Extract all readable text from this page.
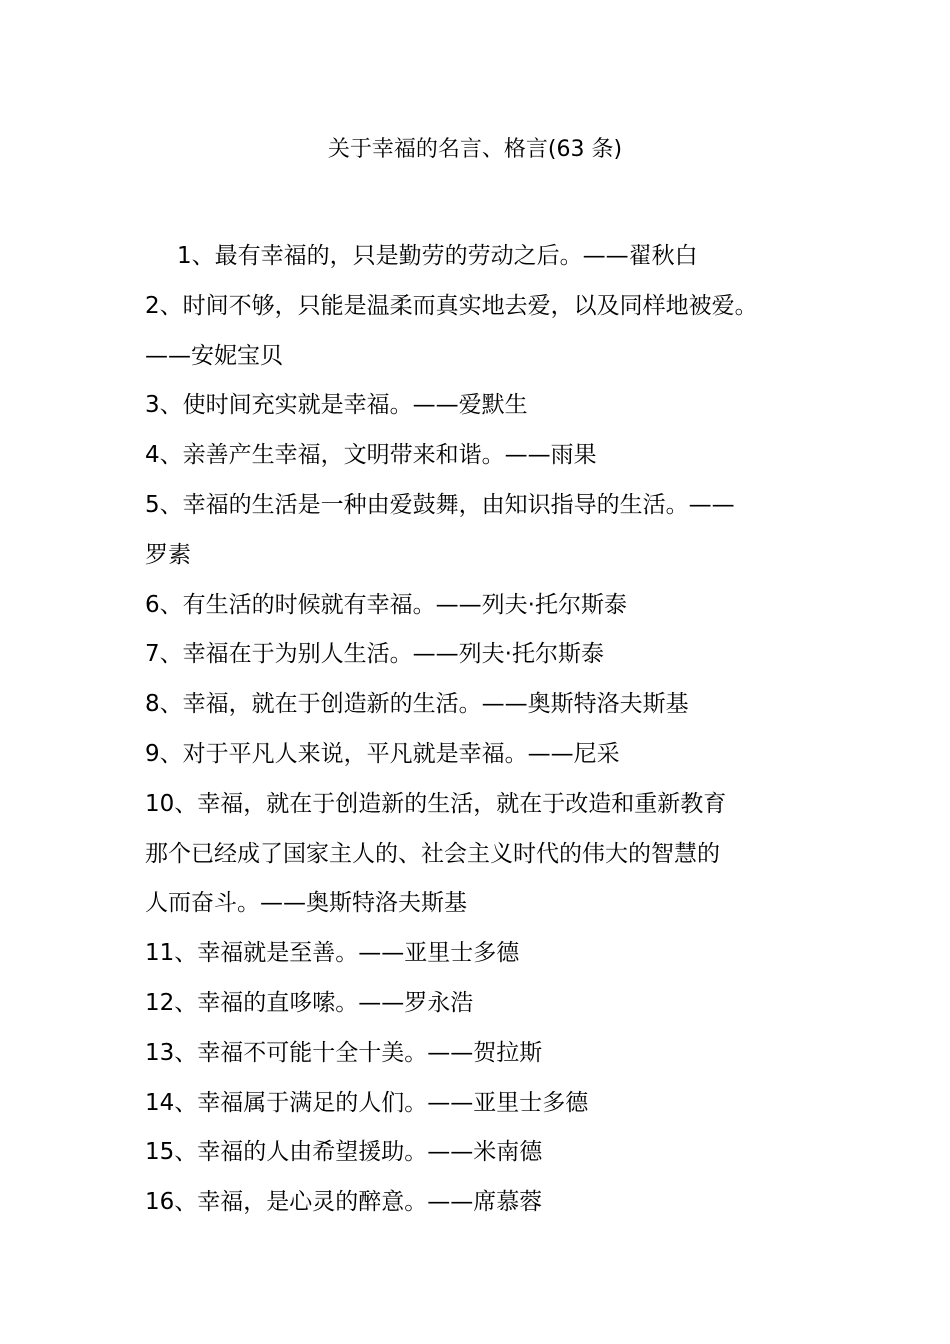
关于幸福的名言、格言(63 条)
1、最有幸福的，只是勤劳的劳动之后。——翟秋白
2、时间不够，只能是温柔而真实地去爱，以及同样地被爱。
——安妮宝贝
3、使时间充实就是幸福。——爱默生
4、亲善产生幸福，文明带来和谐。——雨果
5、幸福的生活是一种由爱鼓舞，由知识指导的生活。——
罗素
6、有生活的时候就有幸福。——列夫·托尔斯泰
7、幸福在于为别人生活。——列夫·托尔斯泰
8、幸福，就在于创造新的生活。——奥斯特洛夫斯基
9、对于平凡人来说，平凡就是幸福。——尼采
10、幸福，就在于创造新的生活，就在于改造和重新教育
那个已经成了国家主人的、社会主义时代的伟大的智慧的
人而奋斗。——奥斯特洛夫斯基
11、幸福就是至善。——亚里士多德
12、幸福的直哆嗦。——罗永浩
13、幸福不可能十全十美。——贺拉斯
14、幸福属于满足的人们。——亚里士多德
15、幸福的人由希望援助。——米南德
16、幸福，是心灵的醉意。——席慕蓉
